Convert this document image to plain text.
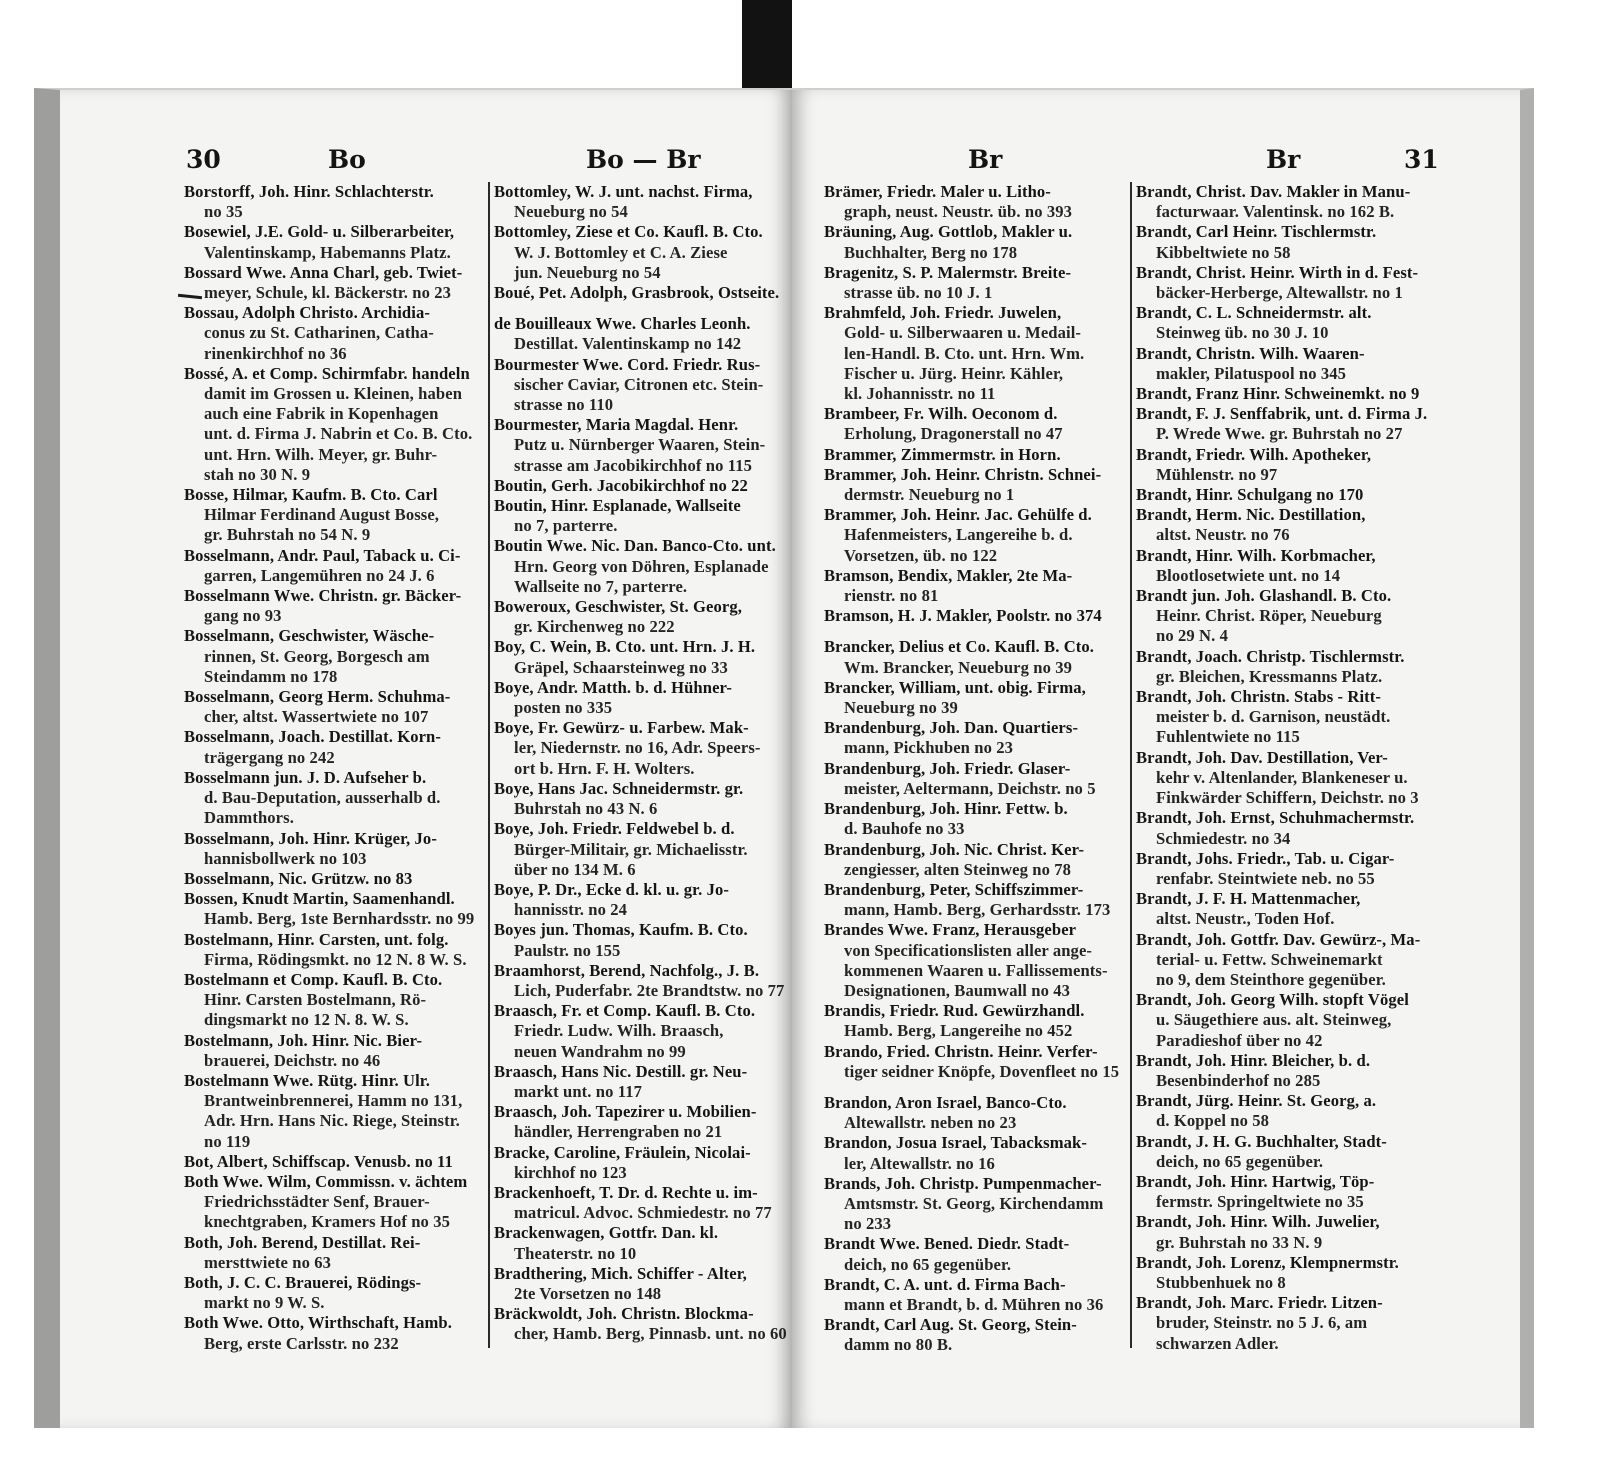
30	Bo	Bo — Br
Borstorff, Joh. Hinr. Schlachterstr.
no 35
Bosewiel, J.E. Gold- u. Silberarbeiter,
Valentinskamp, Habemanns Platz.
Bossard Wwe. Anna Charl, geb. Twiet-
meyer, Schule, kl. Bäckerstr. no 23
Bossau, Adolph Christo. Archidia-
conus zu St. Catharinen, Catha-
rinenkirchhof no 36
Bossé, A. et Comp. Schirmfabr. handeln
damit im Grossen u. Kleinen, haben
auch eine Fabrik in Kopenhagen
unt. d. Firma J. Nabrin et Co. B. Cto.
unt. Hrn. Wilh. Meyer, gr. Buhr-
stah no 30 N. 9
Bosse, Hilmar, Kaufm. B. Cto. Carl
Hilmar Ferdinand August Bosse,
gr. Buhrstah no 54 N. 9
Bosselmann, Andr. Paul, Taback u. Ci-
garren, Langemühren no 24 J. 6
Bosselmann Wwe. Christn. gr. Bäcker-
gang no 93
Bosselmann, Geschwister, Wäsche-
rinnen, St. Georg, Borgesch am
Steindamm no 178
Bosselmann, Georg Herm. Schuhma-
cher, altst. Wassertwiete no 107
Bosselmann, Joach. Destillat. Korn-
trägergang no 242
Bosselmann jun. J. D. Aufseher b.
d. Bau-Deputation, ausserhalb d.
Dammthors.
Bosselmann, Joh. Hinr. Krüger, Jo-
hannisbollwerk no 103
Bosselmann, Nic. Grützw. no 83
Bossen, Knudt Martin, Saamenhandl.
Hamb. Berg, 1ste Bernhardsstr. no 99
Bostelmann, Hinr. Carsten, unt. folg.
Firma, Rödingsmkt. no 12 N. 8 W. S.
Bostelmann et Comp. Kaufl. B. Cto.
Hinr. Carsten Bostelmann, Rö-
dingsmarkt no 12 N. 8. W. S.
Bostelmann, Joh. Hinr. Nic. Bier-
brauerei, Deichstr. no 46
Bostelmann Wwe. Rütg. Hinr. Ulr.
Brantweinbrennerei, Hamm no 131,
Adr. Hrn. Hans Nic. Riege, Steinstr.
no 119
Bot, Albert, Schiffscap. Venusb. no 11
Both Wwe. Wilm, Commissn. v. ächtem
Friedrichsstädter Senf, Brauer-
knechtgraben, Kramers Hof no 35
Both, Joh. Berend, Destillat. Rei-
mersttwiete no 63
Both, J. C. C. Brauerei, Rödings-
markt no 9 W. S.
Both Wwe. Otto, Wirthschaft, Hamb.
Berg, erste Carlsstr. no 232
Bottomley, W. J. unt. nachst. Firma,
Neueburg no 54
Bottomley, Ziese et Co. Kaufl. B. Cto.
W. J. Bottomley et C. A. Ziese
jun. Neueburg no 54
Boué, Pet. Adolph, Grasbrook, Ostseite.
de Bouilleaux Wwe. Charles Leonh.
Destillat. Valentinskamp no 142
Bourmester Wwe. Cord. Friedr. Rus-
sischer Caviar, Citronen etc. Stein-
strasse no 110
Bourmester, Maria Magdal. Henr.
Putz u. Nürnberger Waaren, Stein-
strasse am Jacobikirchhof no 115
Boutin, Gerh. Jacobikirchhof no 22
Boutin, Hinr. Esplanade, Wallseite
no 7, parterre.
Boutin Wwe. Nic. Dan. Banco-Cto. unt.
Hrn. Georg von Döhren, Esplanade
Wallseite no 7, parterre.
Boweroux, Geschwister, St. Georg,
gr. Kirchenweg no 222
Boy, C. Wein, B. Cto. unt. Hrn. J. H.
Gräpel, Schaarsteinweg no 33
Boye, Andr. Matth. b. d. Hühner-
posten no 335
Boye, Fr. Gewürz- u. Farbew. Mak-
ler, Niedernstr. no 16, Adr. Speers-
ort b. Hrn. F. H. Wolters.
Boye, Hans Jac. Schneidermstr. gr.
Buhrstah no 43 N. 6
Boye, Joh. Friedr. Feldwebel b. d.
Bürger-Militair, gr. Michaelisstr.
über no 134 M. 6
Boye, P. Dr., Ecke d. kl. u. gr. Jo-
hannisstr. no 24
Boyes jun. Thomas, Kaufm. B. Cto.
Paulstr. no 155
Braamhorst, Berend, Nachfolg., J. B.
Lich, Puderfabr. 2te Brandtstw. no 77
Braasch, Fr. et Comp. Kaufl. B. Cto.
Friedr. Ludw. Wilh. Braasch,
neuen Wandrahm no 99
Braasch, Hans Nic. Destill. gr. Neu-
markt unt. no 117
Braasch, Joh. Tapezirer u. Mobilien-
händler, Herrengraben no 21
Bracke, Caroline, Fräulein, Nicolai-
kirchhof no 123
Brackenhoeft, T. Dr. d. Rechte u. im-
matricul. Advoc. Schmiedestr. no 77
Brackenwagen, Gottfr. Dan. kl.
Theaterstr. no 10
Bradthering, Mich. Schiffer - Alter,
2te Vorsetzen no 148
Bräckwoldt, Joh. Christn. Blockma-
cher, Hamb. Berg, Pinnasb. unt. no 60
Br	Br	31
Brämer, Friedr. Maler u. Litho-
graph, neust. Neustr. üb. no 393
Bräuning, Aug. Gottlob, Makler u.
Buchhalter, Berg no 178
Bragenitz, S. P. Malermstr. Breite-
strasse üb. no 10 J. 1
Brahmfeld, Joh. Friedr. Juwelen,
Gold- u. Silberwaaren u. Medail-
len-Handl. B. Cto. unt. Hrn. Wm.
Fischer u. Jürg. Heinr. Kähler,
kl. Johannisstr. no 11
Brambeer, Fr. Wilh. Oeconom d.
Erholung, Dragonerstall no 47
Brammer, Zimmermstr. in Horn.
Brammer, Joh. Heinr. Christn. Schnei-
dermstr. Neueburg no 1
Brammer, Joh. Heinr. Jac. Gehülfe d.
Hafenmeisters, Langereihe b. d.
Vorsetzen, üb. no 122
Bramson, Bendix, Makler, 2te Ma-
rienstr. no 81
Bramson, H. J. Makler, Poolstr. no 374
Brancker, Delius et Co. Kaufl. B. Cto.
Wm. Brancker, Neueburg no 39
Brancker, William, unt. obig. Firma,
Neueburg no 39
Brandenburg, Joh. Dan. Quartiers-
mann, Pickhuben no 23
Brandenburg, Joh. Friedr. Glaser-
meister, Aeltermann, Deichstr. no 5
Brandenburg, Joh. Hinr. Fettw. b.
d. Bauhofe no 33
Brandenburg, Joh. Nic. Christ. Ker-
zengiesser, alten Steinweg no 78
Brandenburg, Peter, Schiffszimmer-
mann, Hamb. Berg, Gerhardsstr. 173
Brandes Wwe. Franz, Herausgeber
von Specificationslisten aller ange-
kommenen Waaren u. Fallissements-
Designationen, Baumwall no 43
Brandis, Friedr. Rud. Gewürzhandl.
Hamb. Berg, Langereihe no 452
Brando, Fried. Christn. Heinr. Verfer-
tiger seidner Knöpfe, Dovenfleet no 15
Brandon, Aron Israel, Banco-Cto.
Altewallstr. neben no 23
Brandon, Josua Israel, Tabacksmak-
ler, Altewallstr. no 16
Brands, Joh. Christp. Pumpenmacher-
Amtsmstr. St. Georg, Kirchendamm
no 233
Brandt Wwe. Bened. Diedr. Stadt-
deich, no 65 gegenüber.
Brandt, C. A. unt. d. Firma Bach-
mann et Brandt, b. d. Mühren no 36
Brandt, Carl Aug. St. Georg, Stein-
damm no 80 B.
Brandt, Christ. Dav. Makler in Manu-
facturwaar. Valentinsk. no 162 B.
Brandt, Carl Heinr. Tischlermstr.
Kibbeltwiete no 58
Brandt, Christ. Heinr. Wirth in d. Fest-
bäcker-Herberge, Altewallstr. no 1
Brandt, C. L. Schneidermstr. alt.
Steinweg üb. no 30 J. 10
Brandt, Christn. Wilh. Waaren-
makler, Pilatuspool no 345
Brandt, Franz Hinr. Schweinemkt. no 9
Brandt, F. J. Senffabrik, unt. d. Firma J.
P. Wrede Wwe. gr. Buhrstah no 27
Brandt, Friedr. Wilh. Apotheker,
Mühlenstr. no 97
Brandt, Hinr. Schulgang no 170
Brandt, Herm. Nic. Destillation,
altst. Neustr. no 76
Brandt, Hinr. Wilh. Korbmacher,
Blootlosetwiete unt. no 14
Brandt jun. Joh. Glashandl. B. Cto.
Heinr. Christ. Röper, Neueburg
no 29 N. 4
Brandt, Joach. Christp. Tischlermstr.
gr. Bleichen, Kressmanns Platz.
Brandt, Joh. Christn. Stabs - Ritt-
meister b. d. Garnison, neustädt.
Fuhlentwiete no 115
Brandt, Joh. Dav. Destillation, Ver-
kehr v. Altenlander, Blankeneser u.
Finkwärder Schiffern, Deichstr. no 3
Brandt, Joh. Ernst, Schuhmachermstr.
Schmiedestr. no 34
Brandt, Johs. Friedr., Tab. u. Cigar-
renfabr. Steintwiete neb. no 55
Brandt, J. F. H. Mattenmacher,
altst. Neustr., Toden Hof.
Brandt, Joh. Gottfr. Dav. Gewürz-, Ma-
terial- u. Fettw. Schweinemarkt
no 9, dem Steinthore gegenüber.
Brandt, Joh. Georg Wilh. stopft Vögel
u. Säugethiere aus. alt. Steinweg,
Paradieshof über no 42
Brandt, Joh. Hinr. Bleicher, b. d.
Besenbinderhof no 285
Brandt, Jürg. Heinr. St. Georg, a.
d. Koppel no 58
Brandt, J. H. G. Buchhalter, Stadt-
deich, no 65 gegenüber.
Brandt, Joh. Hinr. Hartwig, Töp-
fermstr. Springeltwiete no 35
Brandt, Joh. Hinr. Wilh. Juwelier,
gr. Buhrstah no 33 N. 9
Brandt, Joh. Lorenz, Klempnermstr.
Stubbenhuek no 8
Brandt, Joh. Marc. Friedr. Litzen-
bruder, Steinstr. no 5 J. 6, am
schwarzen Adler.
